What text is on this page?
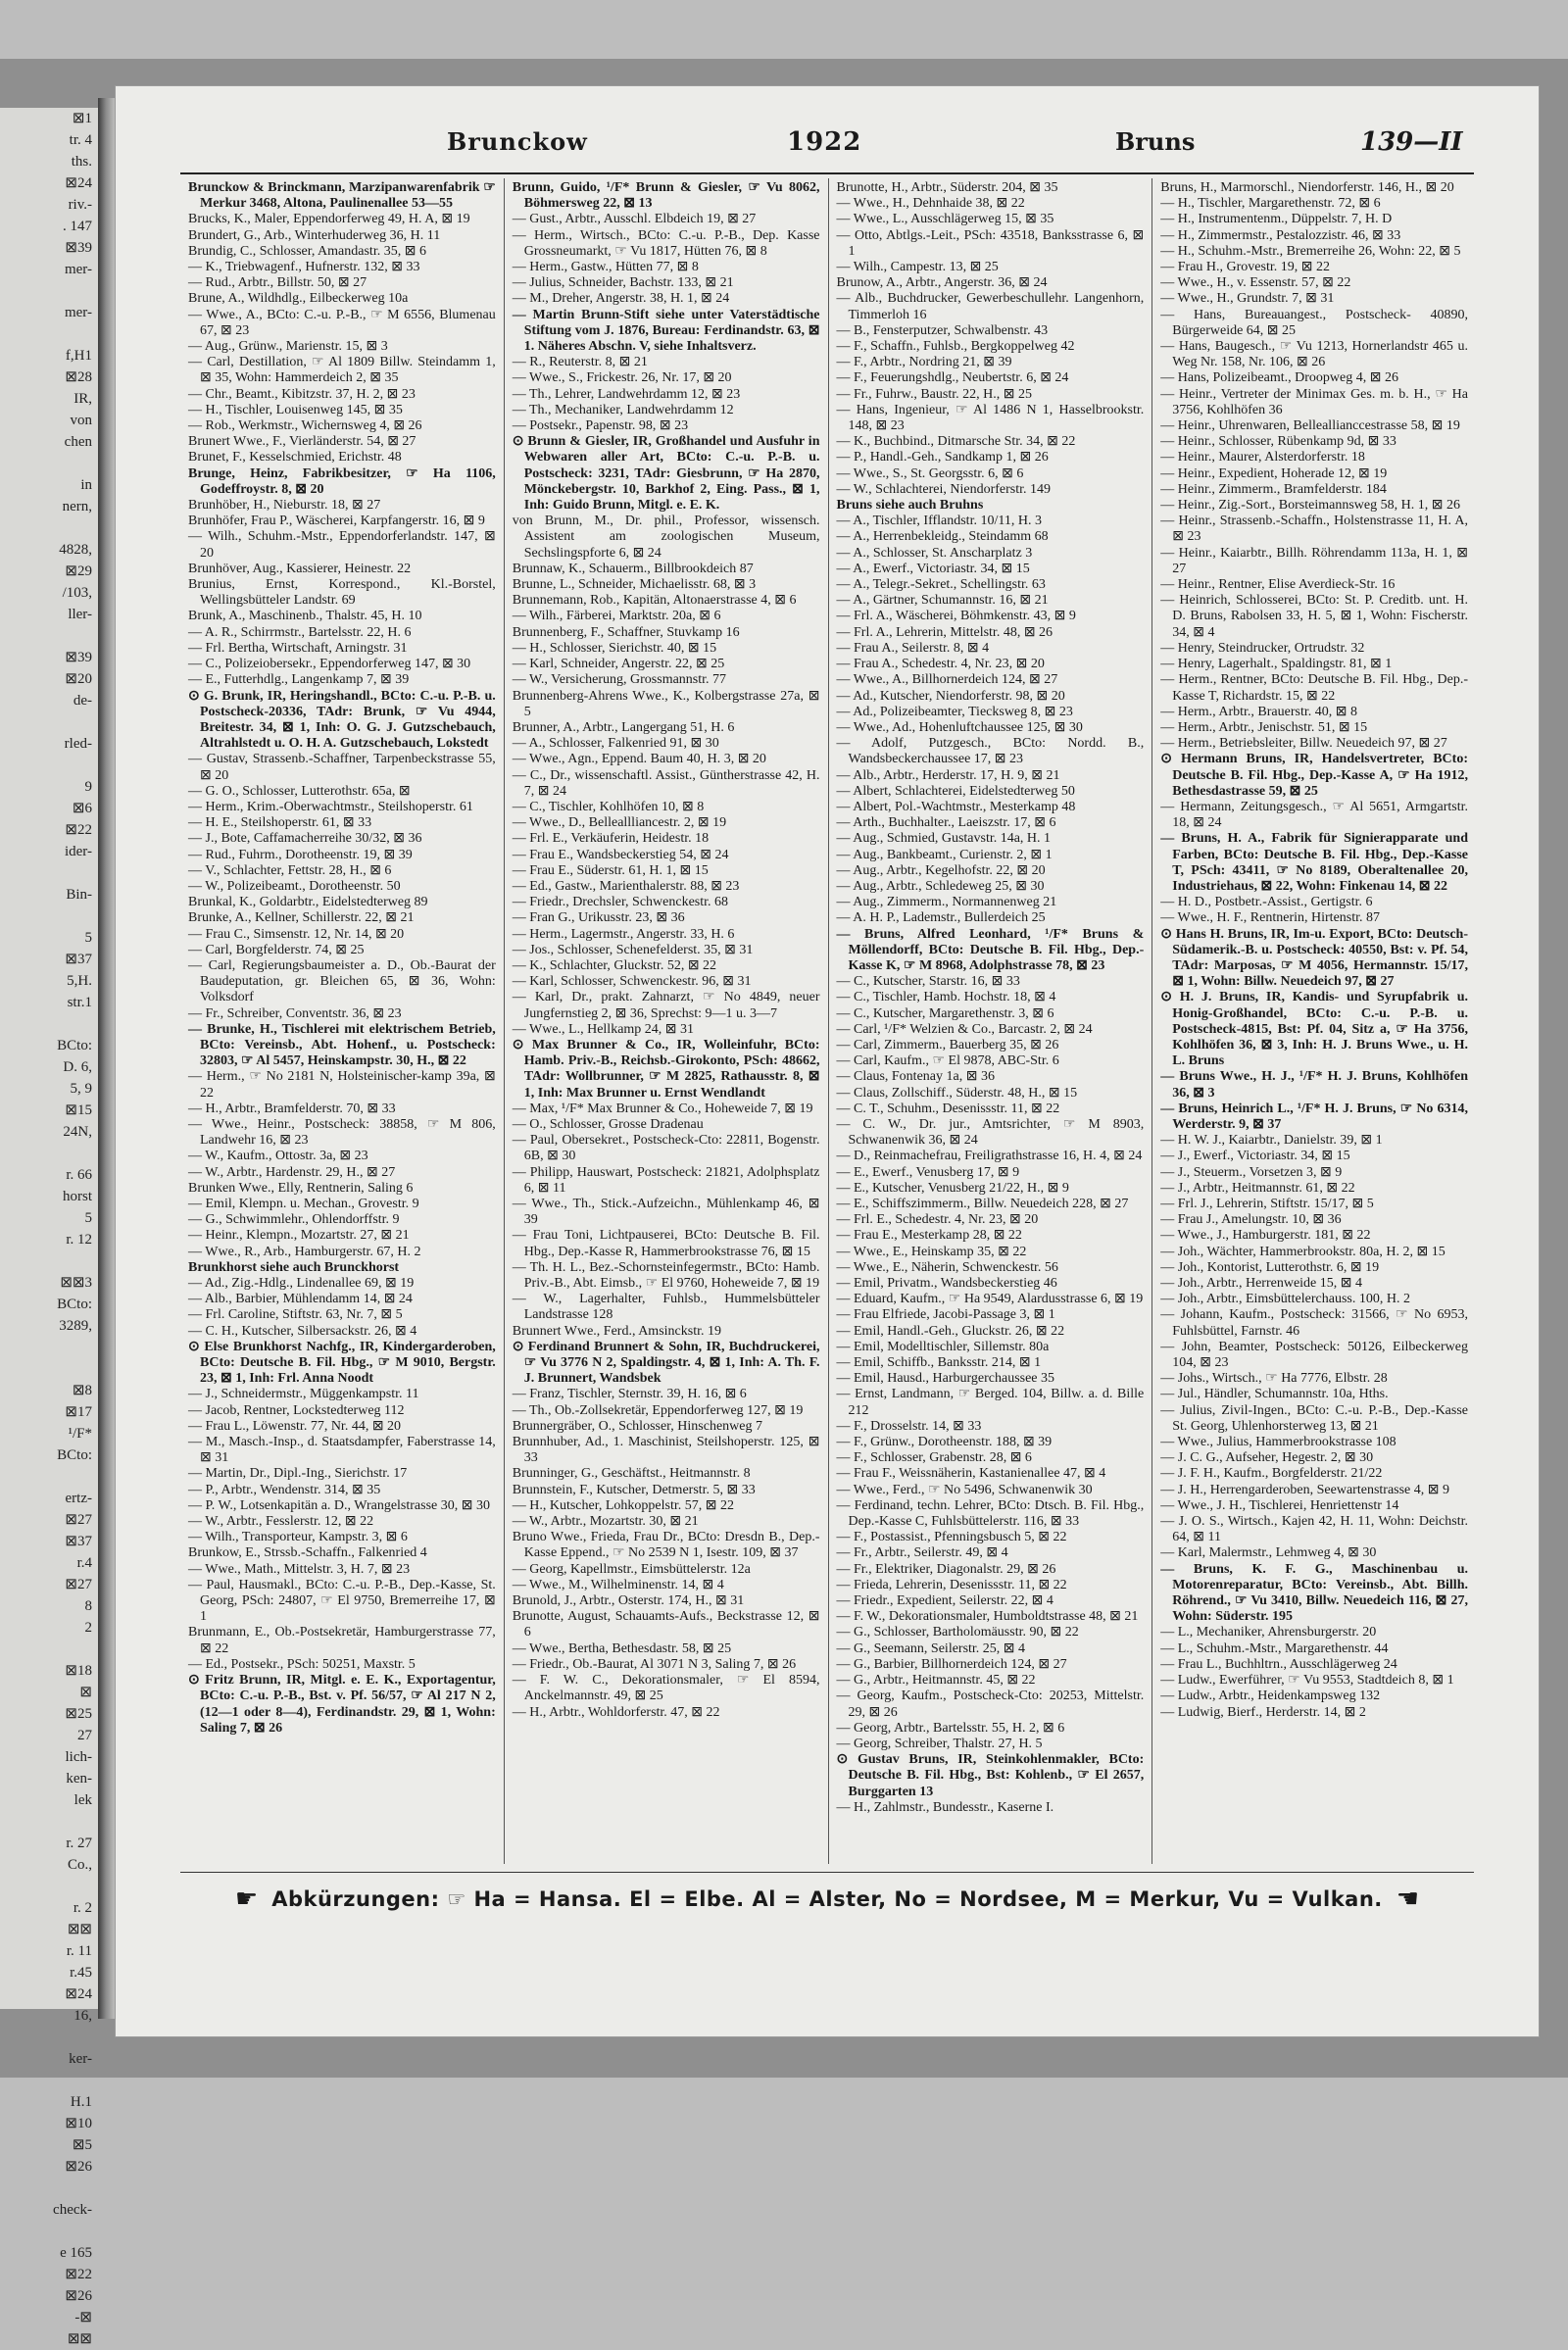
⊠1
tr. 4
ths.
⊠24
riv.-
. 147
⊠39
mer-

mer-

f,H1
⊠28
IR,
von
chen

in
nern,

4828,
⊠29
/103,
ller-

⊠39
⊠20
de-

rled-

9
⊠6
⊠22
ider-

Bin-

5
⊠37
5,H.
str.1

BCto:
D. 6,
5, 9
⊠15
24N,

r. 66
horst
5
r. 12

⊠⊠3
BCto:
3289,

⊠8
⊠17
¹/F*
BCto:

ertz-
⊠27
⊠37
r.4
⊠27
8
2

⊠18
⊠
⊠25
27
lich-
ken-
lek

r. 27
Co.,

r. 2
⊠⊠
r. 11
r.45
⊠24
16,

ker-

H.1
⊠10
⊠5
⊠26

check-

e 165
⊠22
⊠26
-⊠
⊠⊠
Brunckow	1922	Bruns	139—II

Brunckow & Brinckmann, Marzipanwarenfabrik ☞ Merkur 3468, Altona, Paulinenallee 53—55

Brucks, K., Maler, Eppendorferweg 49, H. A, ⊠ 19

Brundert, G., Arb., Winterhuderweg 36, H. 11

Brundig, C., Schlosser, Amandastr. 35, ⊠ 6

— K., Triebwagenf., Hufnerstr. 132, ⊠ 33

— Rud., Arbtr., Billstr. 50, ⊠ 27

Brune, A., Wildhdlg., Eilbeckerweg 10a

— Wwe., A., BCto: C.-u. P.-B., ☞ M 6556, Blumenau 67, ⊠ 23

— Aug., Grünw., Marienstr. 15, ⊠ 3

— Carl, Destillation, ☞ Al 1809 Billw. Steindamm 1, ⊠ 35, Wohn: Hammerdeich 2, ⊠ 35

— Chr., Beamt., Kibitzstr. 37, H. 2, ⊠ 23

— H., Tischler, Louisenweg 145, ⊠ 35

— Rob., Werkmstr., Wichernsweg 4, ⊠ 26

Brunert Wwe., F., Vierländerstr. 54, ⊠ 27

Brunet, F., Kesselschmied, Erichstr. 48

Brunge, Heinz, Fabrikbesitzer, ☞ Ha 1106, Godeffroystr. 8, ⊠ 20

Brunhöber, H., Nieburstr. 18, ⊠ 27

Brunhöfer, Frau P., Wäscherei, Karpfangerstr. 16, ⊠ 9

— Wilh., Schuhm.-Mstr., Eppendorferlandstr. 147, ⊠ 20

Brunhöver, Aug., Kassierer, Heinestr. 22

Brunius, Ernst, Korrespond., Kl.-Borstel, Wellingsbütteler Landstr. 69

Brunk, A., Maschinenb., Thalstr. 45, H. 10

— A. R., Schirrmstr., Bartelsstr. 22, H. 6

— Frl. Bertha, Wirtschaft, Arningstr. 31

— C., Polizeiobersekr., Eppendorferweg 147, ⊠ 30

— E., Futterhdlg., Langenkamp 7, ⊠ 39

⊙ G. Brunk, IR, Heringshandl., BCto: C.-u. P.-B. u. Postscheck-20336, TAdr: Brunk, ☞ Vu 4944, Breitestr. 34, ⊠ 1, Inh: O. G. J. Gutzschebauch, Altrahlstedt u. O. H. A. Gutzschebauch, Lokstedt

— Gustav, Strassenb.-Schaffner, Tarpenbeckstrasse 55, ⊠ 20

— G. O., Schlosser, Lutterothstr. 65a, ⊠

— Herm., Krim.-Oberwachtmstr., Steilshoperstr. 61

— H. E., Steilshoperstr. 61, ⊠ 33

— J., Bote, Caffamacherreihe 30/32, ⊠ 36

— Rud., Fuhrm., Dorotheenstr. 19, ⊠ 39

— V., Schlachter, Fettstr. 28, H., ⊠ 6

— W., Polizeibeamt., Dorotheenstr. 50

Brunkal, K., Goldarbtr., Eidelstedterweg 89

Brunke, A., Kellner, Schillerstr. 22, ⊠ 21

— Frau C., Simsenstr. 12, Nr. 14, ⊠ 20

— Carl, Borgfelderstr. 74, ⊠ 25

— Carl, Regierungsbaumeister a. D., Ob.-Baurat der Baudeputation, gr. Bleichen 65, ⊠ 36, Wohn: Volksdorf

— Fr., Schreiber, Conventstr. 36, ⊠ 23

— Brunke, H., Tischlerei mit elektrischem Betrieb, BCto: Vereinsb., Abt. Hohenf., u. Postscheck: 32803, ☞ Al 5457, Heinskampstr. 30, H., ⊠ 22

— Herm., ☞ No 2181 N, Holsteinischer-kamp 39a, ⊠ 22

— H., Arbtr., Bramfelderstr. 70, ⊠ 33

— Wwe., Heinr., Postscheck: 38858, ☞ M 806, Landwehr 16, ⊠ 23

— W., Kaufm., Ottostr. 3a, ⊠ 23

— W., Arbtr., Hardenstr. 29, H., ⊠ 27

Brunken Wwe., Elly, Rentnerin, Saling 6

— Emil, Klempn. u. Mechan., Grovestr. 9

— G., Schwimmlehr., Ohlendorffstr. 9

— Heinr., Klempn., Mozartstr. 27, ⊠ 21

— Wwe., R., Arb., Hamburgerstr. 67, H. 2

Brunkhorst siehe auch Brunckhorst

— Ad., Zig.-Hdlg., Lindenallee 69, ⊠ 19

— Alb., Barbier, Mühlendamm 14, ⊠ 24

— Frl. Caroline, Stiftstr. 63, Nr. 7, ⊠ 5

— C. H., Kutscher, Silbersackstr. 26, ⊠ 4

⊙ Else Brunkhorst Nachfg., IR, Kindergarderoben, BCto: Deutsche B. Fil. Hbg., ☞ M 9010, Bergstr. 23, ⊠ 1, Inh: Frl. Anna Noodt

— J., Schneidermstr., Müggenkampstr. 11

— Jacob, Rentner, Lockstedterweg 112

— Frau L., Löwenstr. 77, Nr. 44, ⊠ 20

— M., Masch.-Insp., d. Staatsdampfer, Faberstrasse 14, ⊠ 31

— Martin, Dr., Dipl.-Ing., Sierichstr. 17

— P., Arbtr., Wendenstr. 314, ⊠ 35

— P. W., Lotsenkapitän a. D., Wrangelstrasse 30, ⊠ 30

— W., Arbtr., Fesslerstr. 12, ⊠ 22

— Wilh., Transporteur, Kampstr. 3, ⊠ 6

Brunkow, E., Strssb.-Schaffn., Falkenried 4

— Wwe., Math., Mittelstr. 3, H. 7, ⊠ 23

— Paul, Hausmakl., BCto: C.-u. P.-B., Dep.-Kasse, St. Georg, PSch: 24807, ☞ El 9750, Bremerreihe 17, ⊠ 1

Brunmann, E., Ob.-Postsekretär, Hamburgerstrasse 77, ⊠ 22

— Ed., Postsekr., PSch: 50251, Maxstr. 5

⊙ Fritz Brunn, IR, Mitgl. e. E. K., Exportagentur, BCto: C.-u. P.-B., Bst. v. Pf. 56/57, ☞ Al 217 N 2, (12—1 oder 8—4), Ferdinandstr. 29, ⊠ 1, Wohn: Saling 7, ⊠ 26

Brunn, Guido, ¹/F* Brunn & Giesler, ☞ Vu 8062, Böhmersweg 22, ⊠ 13

— Gust., Arbtr., Ausschl. Elbdeich 19, ⊠ 27

— Herm., Wirtsch., BCto: C.-u. P.-B., Dep. Kasse Grossneumarkt, ☞ Vu 1817, Hütten 76, ⊠ 8

— Herm., Gastw., Hütten 77, ⊠ 8

— Julius, Schneider, Bachstr. 133, ⊠ 21

— M., Dreher, Angerstr. 38, H. 1, ⊠ 24

— Martin Brunn-Stift siehe unter Vaterstädtische Stiftung vom J. 1876, Bureau: Ferdinandstr. 63, ⊠ 1. Näheres Abschn. V, siehe Inhaltsverz.

— R., Reuterstr. 8, ⊠ 21

— Wwe., S., Frickestr. 26, Nr. 17, ⊠ 20

— Th., Lehrer, Landwehrdamm 12, ⊠ 23

— Th., Mechaniker, Landwehrdamm 12

— Postsekr., Papenstr. 98, ⊠ 23

⊙ Brunn & Giesler, IR, Großhandel und Ausfuhr in Webwaren aller Art, BCto: C.-u. P.-B. u. Postscheck: 3231, TAdr: Giesbrunn, ☞ Ha 2870, Mönckebergstr. 10, Barkhof 2, Eing. Pass., ⊠ 1, Inh: Guido Brunn, Mitgl. e. E. K.

von Brunn, M., Dr. phil., Professor, wissensch. Assistent am zoologischen Museum, Sechslingspforte 6, ⊠ 24

Brunnaw, K., Schauerm., Billbrookdeich 87

Brunne, L., Schneider, Michaelisstr. 68, ⊠ 3

Brunnemann, Rob., Kapitän, Altonaerstrasse 4, ⊠ 6

— Wilh., Färberei, Marktstr. 20a, ⊠ 6

Brunnenberg, F., Schaffner, Stuvkamp 16

— H., Schlosser, Sierichstr. 40, ⊠ 15

— Karl, Schneider, Angerstr. 22, ⊠ 25

— W., Versicherung, Grossmannstr. 77

Brunnenberg-Ahrens Wwe., K., Kolbergstrasse 27a, ⊠ 5

Brunner, A., Arbtr., Langergang 51, H. 6

— A., Schlosser, Falkenried 91, ⊠ 30

— Wwe., Agn., Eppend. Baum 40, H. 3, ⊠ 20

— C., Dr., wissenschaftl. Assist., Güntherstrasse 42, H. 7, ⊠ 24

— C., Tischler, Kohlhöfen 10, ⊠ 8

— Wwe., D., Belleallliancestr. 2, ⊠ 19

— Frl. E., Verkäuferin, Heidestr. 18

— Frau E., Wandsbeckerstieg 54, ⊠ 24

— Frau E., Süderstr. 61, H. 1, ⊠ 15

— Ed., Gastw., Marienthalerstr. 88, ⊠ 23

— Friedr., Drechsler, Schwenckestr. 68

— Fran G., Urikusstr. 23, ⊠ 36

— Herm., Lagermstr., Angerstr. 33, H. 6

— Jos., Schlosser, Schenefelderst. 35, ⊠ 31

— K., Schlachter, Gluckstr. 52, ⊠ 22

— Karl, Schlosser, Schwenckestr. 96, ⊠ 31

— Karl, Dr., prakt. Zahnarzt, ☞ No 4849, neuer Jungfernstieg 2, ⊠ 36, Sprechst: 9—1 u. 3—7

— Wwe., L., Hellkamp 24, ⊠ 31

⊙ Max Brunner & Co., IR, Wolleinfuhr, BCto: Hamb. Priv.-B., Reichsb.-Girokonto, PSch: 48662, TAdr: Wollbrunner, ☞ M 2825, Rathausstr. 8, ⊠ 1, Inh: Max Brunner u. Ernst Wendlandt

— Max, ¹/F* Max Brunner & Co., Hoheweide 7, ⊠ 19

— O., Schlosser, Grosse Dradenau

— Paul, Obersekret., Postscheck-Cto: 22811, Bogenstr. 6B, ⊠ 30

— Philipp, Hauswart, Postscheck: 21821, Adolphsplatz 6, ⊠ 11

— Wwe., Th., Stick.-Aufzeichn., Mühlenkamp 46, ⊠ 39

— Frau Toni, Lichtpauserei, BCto: Deutsche B. Fil. Hbg., Dep.-Kasse R, Hammerbrookstrasse 76, ⊠ 15

— Th. H. L., Bez.-Schornsteinfegermstr., BCto: Hamb. Priv.-B., Abt. Eimsb., ☞ El 9760, Hoheweide 7, ⊠ 19

— W., Lagerhalter, Fuhlsb., Hummelsbütteler Landstrasse 128

Brunnert Wwe., Ferd., Amsinckstr. 19

⊙ Ferdinand Brunnert & Sohn, IR, Buchdruckerei, ☞ Vu 3776 N 2, Spaldingstr. 4, ⊠ 1, Inh: A. Th. F. J. Brunnert, Wandsbek

— Franz, Tischler, Sternstr. 39, H. 16, ⊠ 6

— Th., Ob.-Zollsekretär, Eppendorferweg 127, ⊠ 19

Brunnergräber, O., Schlosser, Hinschenweg 7

Brunnhuber, Ad., 1. Maschinist, Steilshoperstr. 125, ⊠ 33

Brunninger, G., Geschäftst., Heitmannstr. 8

Brunnstein, F., Kutscher, Detmerstr. 5, ⊠ 33

— H., Kutscher, Lohkoppelstr. 57, ⊠ 22

— W., Arbtr., Mozartstr. 30, ⊠ 21

Bruno Wwe., Frieda, Frau Dr., BCto: Dresdn B., Dep.-Kasse Eppend., ☞ No 2539 N 1, Isestr. 109, ⊠ 37

— Georg, Kapellmstr., Eimsbüttelerstr. 12a

— Wwe., M., Wilhelminenstr. 14, ⊠ 4

Brunold, J., Arbtr., Osterstr. 174, H., ⊠ 31

Brunotte, August, Schauamts-Aufs., Beckstrasse 12, ⊠ 6

— Wwe., Bertha, Bethesdastr. 58, ⊠ 25

— Friedr., Ob.-Baurat, Al 3071 N 3, Saling 7, ⊠ 26

— F. W. C., Dekorationsmaler, ☞ El 8594, Anckelmannstr. 49, ⊠ 25

— H., Arbtr., Wohldorferstr. 47, ⊠ 22

Brunotte, H., Arbtr., Süderstr. 204, ⊠ 35

— Wwe., H., Dehnhaide 38, ⊠ 22

— Wwe., L., Ausschlägerweg 15, ⊠ 35

— Otto, Abtlgs.-Leit., PSch: 43518, Banksstrasse 6, ⊠ 1

— Wilh., Campestr. 13, ⊠ 25

Brunow, A., Arbtr., Angerstr. 36, ⊠ 24

— Alb., Buchdrucker, Gewerbeschullehr. Langenhorn, Timmerloh 16

— B., Fensterputzer, Schwalbenstr. 43

— F., Schaffn., Fuhlsb., Bergkoppelweg 42

— F., Arbtr., Nordring 21, ⊠ 39

— F., Feuerungshdlg., Neubertstr. 6, ⊠ 24

— Fr., Fuhrw., Baustr. 22, H., ⊠ 25

— Hans, Ingenieur, ☞ Al 1486 N 1, Hasselbrookstr. 148, ⊠ 23

— K., Buchbind., Ditmarsche Str. 34, ⊠ 22

— P., Handl.-Geh., Sandkamp 1, ⊠ 26

— Wwe., S., St. Georgsstr. 6, ⊠ 6

— W., Schlachterei, Niendorferstr. 149

Bruns siehe auch Bruhns

— A., Tischler, Ifflandstr. 10/11, H. 3

— A., Herrenbekleidg., Steindamm 68

— A., Schlosser, St. Anscharplatz 3

— A., Ewerf., Victoriastr. 34, ⊠ 15

— A., Telegr.-Sekret., Schellingstr. 63

— A., Gärtner, Schumannstr. 16, ⊠ 21

— Frl. A., Wäscherei, Böhmkenstr. 43, ⊠ 9

— Frl. A., Lehrerin, Mittelstr. 48, ⊠ 26

— Frau A., Seilerstr. 8, ⊠ 4

— Frau A., Schedestr. 4, Nr. 23, ⊠ 20

— Wwe., A., Billhornerdeich 124, ⊠ 27

— Ad., Kutscher, Niendorferstr. 98, ⊠ 20

— Ad., Polizeibeamter, Tiecksweg 8, ⊠ 23

— Wwe., Ad., Hohenluftchaussee 125, ⊠ 30

— Adolf, Putzgesch., BCto: Nordd. B., Wandsbeckerchaussee 17, ⊠ 23

— Alb., Arbtr., Herderstr. 17, H. 9, ⊠ 21

— Albert, Schlachterei, Eidelstedterweg 50

— Albert, Pol.-Wachtmstr., Mesterkamp 48

— Arth., Buchhalter., Laeiszstr. 17, ⊠ 6

— Aug., Schmied, Gustavstr. 14a, H. 1

— Aug., Bankbeamt., Curienstr. 2, ⊠ 1

— Aug., Arbtr., Kegelhofstr. 22, ⊠ 20

— Aug., Arbtr., Schledeweg 25, ⊠ 30

— Aug., Zimmerm., Normannenweg 21

— A. H. P., Lademstr., Bullerdeich 25

— Bruns, Alfred Leonhard, ¹/F* Bruns & Möllendorff, BCto: Deutsche B. Fil. Hbg., Dep.-Kasse K, ☞ M 8968, Adolphstrasse 78, ⊠ 23

— C., Kutscher, Starstr. 16, ⊠ 33

— C., Tischler, Hamb. Hochstr. 18, ⊠ 4

— C., Kutscher, Margarethenstr. 3, ⊠ 6

— Carl, ¹/F* Welzien & Co., Barcastr. 2, ⊠ 24

— Carl, Zimmerm., Bauerberg 35, ⊠ 26

— Carl, Kaufm., ☞ El 9878, ABC-Str. 6

— Claus, Fontenay 1a, ⊠ 36

— Claus, Zollschiff., Süderstr. 48, H., ⊠ 15

— C. T., Schuhm., Desenissstr. 11, ⊠ 22

— C. W., Dr. jur., Amtsrichter, ☞ M 8903, Schwanenwik 36, ⊠ 24

— D., Reinmachefrau, Freiligrathstrasse 16, H. 4, ⊠ 24

— E., Ewerf., Venusberg 17, ⊠ 9

— E., Kutscher, Venusberg 21/22, H., ⊠ 9

— E., Schiffszimmerm., Billw. Neuedeich 228, ⊠ 27

— Frl. E., Schedestr. 4, Nr. 23, ⊠ 20

— Frau E., Mesterkamp 28, ⊠ 22

— Wwe., E., Heinskamp 35, ⊠ 22

— Wwe., E., Näherin, Schwenckestr. 56

— Emil, Privatm., Wandsbeckerstieg 46

— Eduard, Kaufm., ☞ Ha 9549, Alardusstrasse 6, ⊠ 19

— Frau Elfriede, Jacobi-Passage 3, ⊠ 1

— Emil, Handl.-Geh., Gluckstr. 26, ⊠ 22

— Emil, Modelltischler, Sillemstr. 80a

— Emil, Schiffb., Banksstr. 214, ⊠ 1

— Emil, Hausd., Harburgerchaussee 35

— Ernst, Landmann, ☞ Berged. 104, Billw. a. d. Bille 212

— F., Drosselstr. 14, ⊠ 33

— F., Grünw., Dorotheenstr. 188, ⊠ 39

— F., Schlosser, Grabenstr. 28, ⊠ 6

— Frau F., Weissnäherin, Kastanienallee 47, ⊠ 4

— Wwe., Ferd., ☞ No 5496, Schwanenwik 30

— Ferdinand, techn. Lehrer, BCto: Dtsch. B. Fil. Hbg., Dep.-Kasse C, Fuhlsbüttelerstr. 116, ⊠ 33

— F., Postassist., Pfenningsbusch 5, ⊠ 22

— Fr., Arbtr., Seilerstr. 49, ⊠ 4

— Fr., Elektriker, Diagonalstr. 29, ⊠ 26

— Frieda, Lehrerin, Desenissstr. 11, ⊠ 22

— Friedr., Expedient, Seilerstr. 22, ⊠ 4

— F. W., Dekorationsmaler, Humboldtstrasse 48, ⊠ 21

— G., Schlosser, Bartholomäusstr. 90, ⊠ 22

— G., Seemann, Seilerstr. 25, ⊠ 4

— G., Barbier, Billhornerdeich 124, ⊠ 27

— G., Arbtr., Heitmannstr. 45, ⊠ 22

— Georg, Kaufm., Postscheck-Cto: 20253, Mittelstr. 29, ⊠ 26

— Georg, Arbtr., Bartelsstr. 55, H. 2, ⊠ 6

— Georg, Schreiber, Thalstr. 27, H. 5

⊙ Gustav Bruns, IR, Steinkohlenmakler, BCto: Deutsche B. Fil. Hbg., Bst: Kohlenb., ☞ El 2657, Burggarten 13

— H., Zahlmstr., Bundesstr., Kaserne I.

Bruns, H., Marmorschl., Niendorferstr. 146, H., ⊠ 20

— H., Tischler, Margarethenstr. 72, ⊠ 6

— H., Instrumentenm., Düppelstr. 7, H. D

— H., Zimmermstr., Pestalozzistr. 46, ⊠ 33

— H., Schuhm.-Mstr., Bremerreihe 26, Wohn: 22, ⊠ 5

— Frau H., Grovestr. 19, ⊠ 22

— Wwe., H., v. Essenstr. 57, ⊠ 22

— Wwe., H., Grundstr. 7, ⊠ 31

— Hans, Bureauangest., Postscheck- 40890, Bürgerweide 64, ⊠ 25

— Hans, Baugesch., ☞ Vu 1213, Hornerlandstr 465 u. Weg Nr. 158, Nr. 106, ⊠ 26

— Hans, Polizeibeamt., Droopweg 4, ⊠ 26

— Heinr., Vertreter der Minimax Ges. m. b. H., ☞ Ha 3756, Kohlhöfen 36

— Heinr., Uhrenwaren, Belleallianccestrasse 58, ⊠ 19

— Heinr., Schlosser, Rübenkamp 9d, ⊠ 33

— Heinr., Maurer, Alsterdorferstr. 18

— Heinr., Expedient, Hoherade 12, ⊠ 19

— Heinr., Zimmerm., Bramfelderstr. 184

— Heinr., Zig.-Sort., Borsteimannsweg 58, H. 1, ⊠ 26

— Heinr., Strassenb.-Schaffn., Holstenstrasse 11, H. A, ⊠ 23

— Heinr., Kaiarbtr., Billh. Röhrendamm 113a, H. 1, ⊠ 27

— Heinr., Rentner, Elise Averdieck-Str. 16

— Heinrich, Schlosserei, BCto: St. P. Creditb. unt. H. D. Bruns, Rabolsen 33, H. 5, ⊠ 1, Wohn: Fischerstr. 34, ⊠ 4

— Henry, Steindrucker, Ortrudstr. 32

— Henry, Lagerhalt., Spaldingstr. 81, ⊠ 1

— Herm., Rentner, BCto: Deutsche B. Fil. Hbg., Dep.-Kasse T, Richardstr. 15, ⊠ 22

— Herm., Arbtr., Brauerstr. 40, ⊠ 8

— Herm., Arbtr., Jenischstr. 51, ⊠ 15

— Herm., Betriebsleiter, Billw. Neuedeich 97, ⊠ 27

⊙ Hermann Bruns, IR, Handelsvertreter, BCto: Deutsche B. Fil. Hbg., Dep.-Kasse A, ☞ Ha 1912, Bethesdastrasse 59, ⊠ 25

— Hermann, Zeitungsgesch., ☞ Al 5651, Armgartstr. 18, ⊠ 24

— Bruns, H. A., Fabrik für Signierapparate und Farben, BCto: Deutsche B. Fil. Hbg., Dep.-Kasse T, PSch: 43411, ☞ No 8189, Oberaltenallee 20, Industriehaus, ⊠ 22, Wohn: Finkenau 14, ⊠ 22

— H. D., Postbetr.-Assist., Gertigstr. 6

— Wwe., H. F., Rentnerin, Hirtenstr. 87

⊙ Hans H. Bruns, IR, Im-u. Export, BCto: Deutsch-Südamerik.-B. u. Postscheck: 40550, Bst: v. Pf. 54, TAdr: Marposas, ☞ M 4056, Hermannstr. 15/17, ⊠ 1, Wohn: Billw. Neuedeich 97, ⊠ 27

⊙ H. J. Bruns, IR, Kandis- und Syrupfabrik u. Honig-Großhandel, BCto: C.-u. P.-B. u. Postscheck-4815, Bst: Pf. 04, Sitz a, ☞ Ha 3756, Kohlhöfen 36, ⊠ 3, Inh: H. J. Bruns Wwe., u. H. L. Bruns

— Bruns Wwe., H. J., ¹/F* H. J. Bruns, Kohlhöfen 36, ⊠ 3

— Bruns, Heinrich L., ¹/F* H. J. Bruns, ☞ No 6314, Werderstr. 9, ⊠ 37

— H. W. J., Kaiarbtr., Danielstr. 39, ⊠ 1

— J., Ewerf., Victoriastr. 34, ⊠ 15

— J., Steuerm., Vorsetzen 3, ⊠ 9

— J., Arbtr., Heitmannstr. 61, ⊠ 22

— Frl. J., Lehrerin, Stiftstr. 15/17, ⊠ 5

— Frau J., Amelungstr. 10, ⊠ 36

— Wwe., J., Hamburgerstr. 181, ⊠ 22

— Joh., Wächter, Hammerbrookstr. 80a, H. 2, ⊠ 15

— Joh., Kontorist, Lutterothstr. 6, ⊠ 19

— Joh., Arbtr., Herrenweide 15, ⊠ 4

— Joh., Arbtr., Eimsbüttelerchauss. 100, H. 2

— Johann, Kaufm., Postscheck: 31566, ☞ No 6953, Fuhlsbüttel, Farnstr. 46

— John, Beamter, Postscheck: 50126, Eilbeckerweg 104, ⊠ 23

— Johs., Wirtsch., ☞ Ha 7776, Elbstr. 28

— Jul., Händler, Schumannstr. 10a, Hths.

— Julius, Zivil-Ingen., BCto: C.-u. P.-B., Dep.-Kasse St. Georg, Uhlenhorsterweg 13, ⊠ 21

— Wwe., Julius, Hammerbrookstrasse 108

— J. C. G., Aufseher, Hegestr. 2, ⊠ 30

— J. F. H., Kaufm., Borgfelderstr. 21/22

— J. H., Herrengarderoben, Seewartenstrasse 4, ⊠ 9

— Wwe., J. H., Tischlerei, Henriettenstr 14

— J. O. S., Wirtsch., Kajen 42, H. 11, Wohn: Deichstr. 64, ⊠ 11

— Karl, Malermstr., Lehmweg 4, ⊠ 30

— Bruns, K. F. G., Maschinenbau u. Motorenreparatur, BCto: Vereinsb., Abt. Billh. Röhrend., ☞ Vu 3410, Billw. Neuedeich 116, ⊠ 27, Wohn: Süderstr. 195

— L., Mechaniker, Ahrensburgerstr. 20

— L., Schuhm.-Mstr., Margarethenstr. 44

— Frau L., Buchhltrn., Ausschlägerweg 24

— Ludw., Ewerführer, ☞ Vu 9553, Stadtdeich 8, ⊠ 1

— Ludw., Arbtr., Heidenkampsweg 132

— Ludwig, Bierf., Herderstr. 14, ⊠ 2

☛ Abkürzungen: ☞ Ha = Hansa. El = Elbe. Al = Alster, No = Nordsee, M = Merkur, Vu = Vulkan. ☚
